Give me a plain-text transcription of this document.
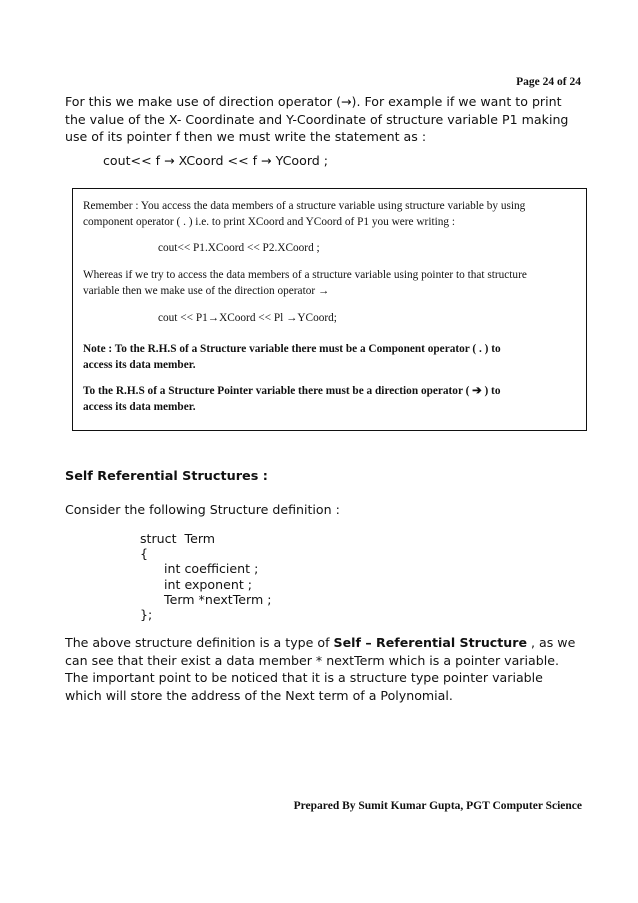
Page 24 of 24
For this we make use of direction operator (→). For example if we want to print
the value of the X- Coordinate and Y-Coordinate of structure variable P1 making
use of its pointer f then we must write the statement as :
cout<< f → XCoord << f → YCoord ;
Remember : You access the data members of a structure variable using structure variable by using
component operator ( . ) i.e. to print XCoord and YCoord of P1 you were writing :
cout<< P1.XCoord << P2.XCoord ;
Whereas if we try to access the data members of a structure variable using pointer to that structure
variable then we make use of the direction operator →
cout << P1→XCoord << Pl →YCoord;
Note : To the R.H.S of a Structure variable there must be a Component operator ( . ) to
access its data member.
To the R.H.S of a Structure Pointer variable there must be a direction operator ( ➔ ) to
access its data member.
Self Referential Structures :
Consider the following Structure definition :
struct  Term
{
int coefficient ;
int exponent ;
Term *nextTerm ;
};
The above structure definition is a type of Self – Referential Structure , as we
can see that their exist a data member * nextTerm which is a pointer variable.
The important point to be noticed that it is a structure type pointer variable
which will store the address of the Next term of a Polynomial.
Prepared By Sumit Kumar Gupta, PGT Computer Science
